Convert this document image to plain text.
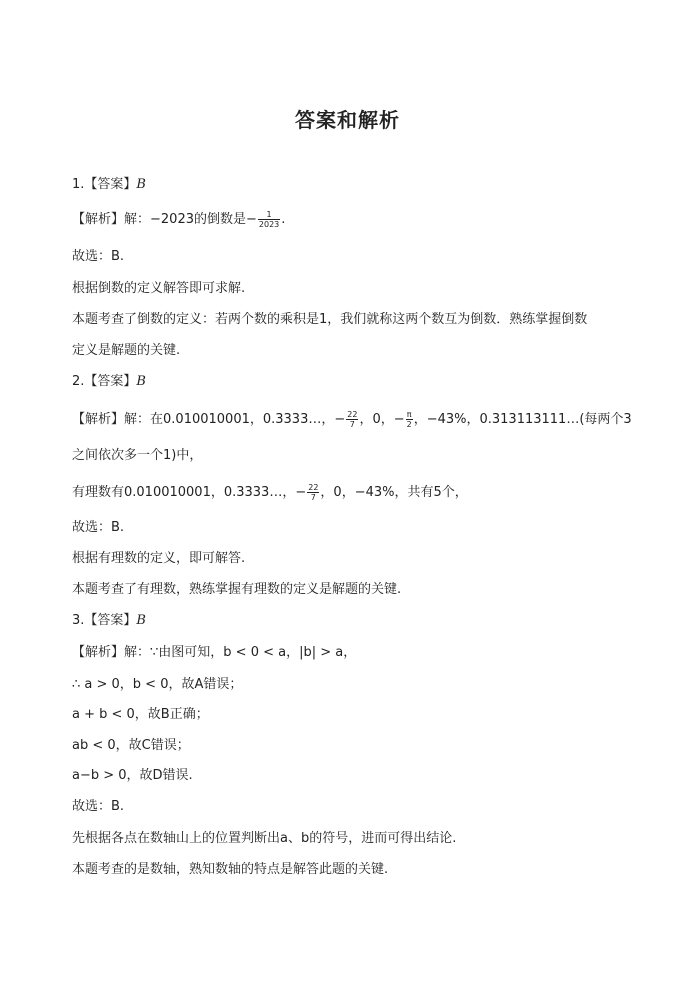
答案和解析
1.【答案】B
【解析】解：−2023的倒数是− $\frac{1}{2023}$ .
故选：B.
根据倒数的定义解答即可求解.
本题考查了倒数的定义：若两个数的乘积是1，我们就称这两个数互为倒数．熟练掌握倒数
定义是解题的关键.
2.【答案】B
【解析】解：在0.010010001，0.3333…，− $\frac{22}{7}$ ，0，− $\frac{\pi}{2}$ ，−43%，0.313113111…(每两个3
之间依次多一个1)中，
有理数有0.010010001，0.3333…，− $\frac{22}{7}$ ，0，−43%，共有5个，
故选：B.
根据有理数的定义，即可解答.
本题考查了有理数，熟练掌握有理数的定义是解题的关键.
3.【答案】B
【解析】解：∵由图可知，b < 0 < a，|b| > a，
∴ a > 0，b < 0，故A错误；
a + b < 0，故B正确；
ab < 0，故C错误；
a−b > 0，故D错误.
故选：B.
先根据各点在数轴山上的位置判断出a、b的符号，进而可得出结论.
本题考查的是数轴，熟知数轴的特点是解答此题的关键.
